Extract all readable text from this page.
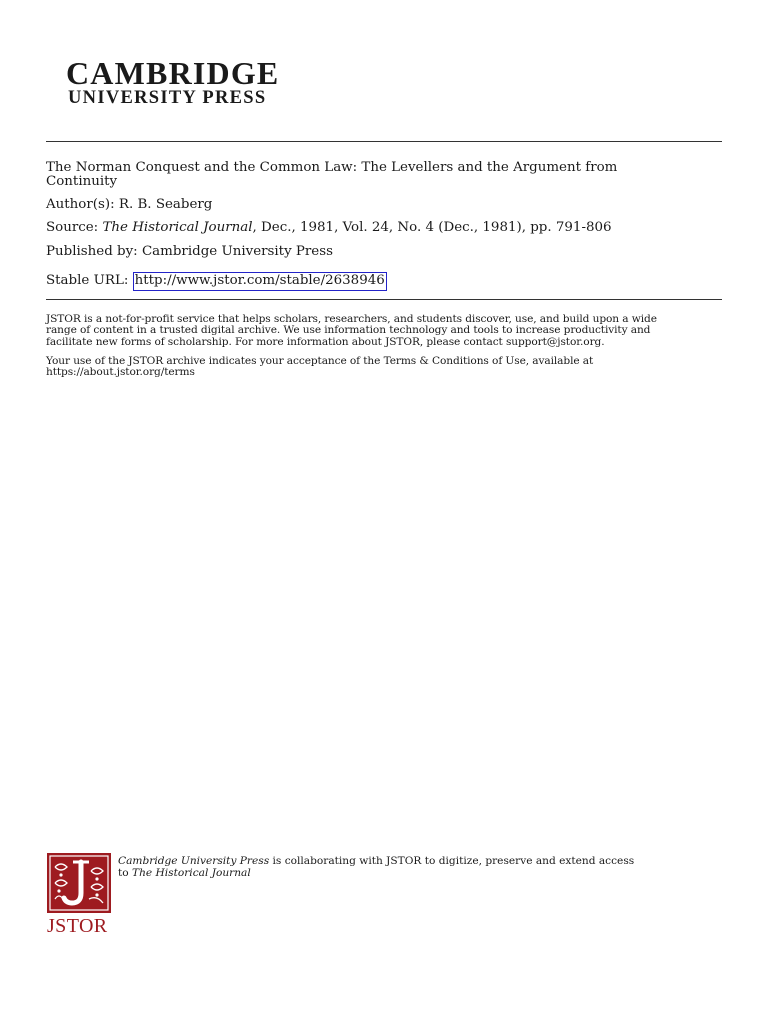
CAMBRIDGE
UNIVERSITY PRESS
The Norman Conquest and the Common Law: The Levellers and the Argument from
Continuity
Author(s): R. B. Seaberg
Source: The Historical Journal, Dec., 1981, Vol. 24, No. 4 (Dec., 1981), pp. 791-806
Published by: Cambridge University Press
Stable URL: http://www.jstor.com/stable/2638946
JSTOR is a not-for-profit service that helps scholars, researchers, and students discover, use, and build upon a wide
range of content in a trusted digital archive. We use information technology and tools to increase productivity and
facilitate new forms of scholarship. For more information about JSTOR, please contact support@jstor.org.
Your use of the JSTOR archive indicates your acceptance of the Terms & Conditions of Use, available at
https://about.jstor.org/terms
JSTOR
Cambridge University Press is collaborating with JSTOR to digitize, preserve and extend access
to The Historical Journal
